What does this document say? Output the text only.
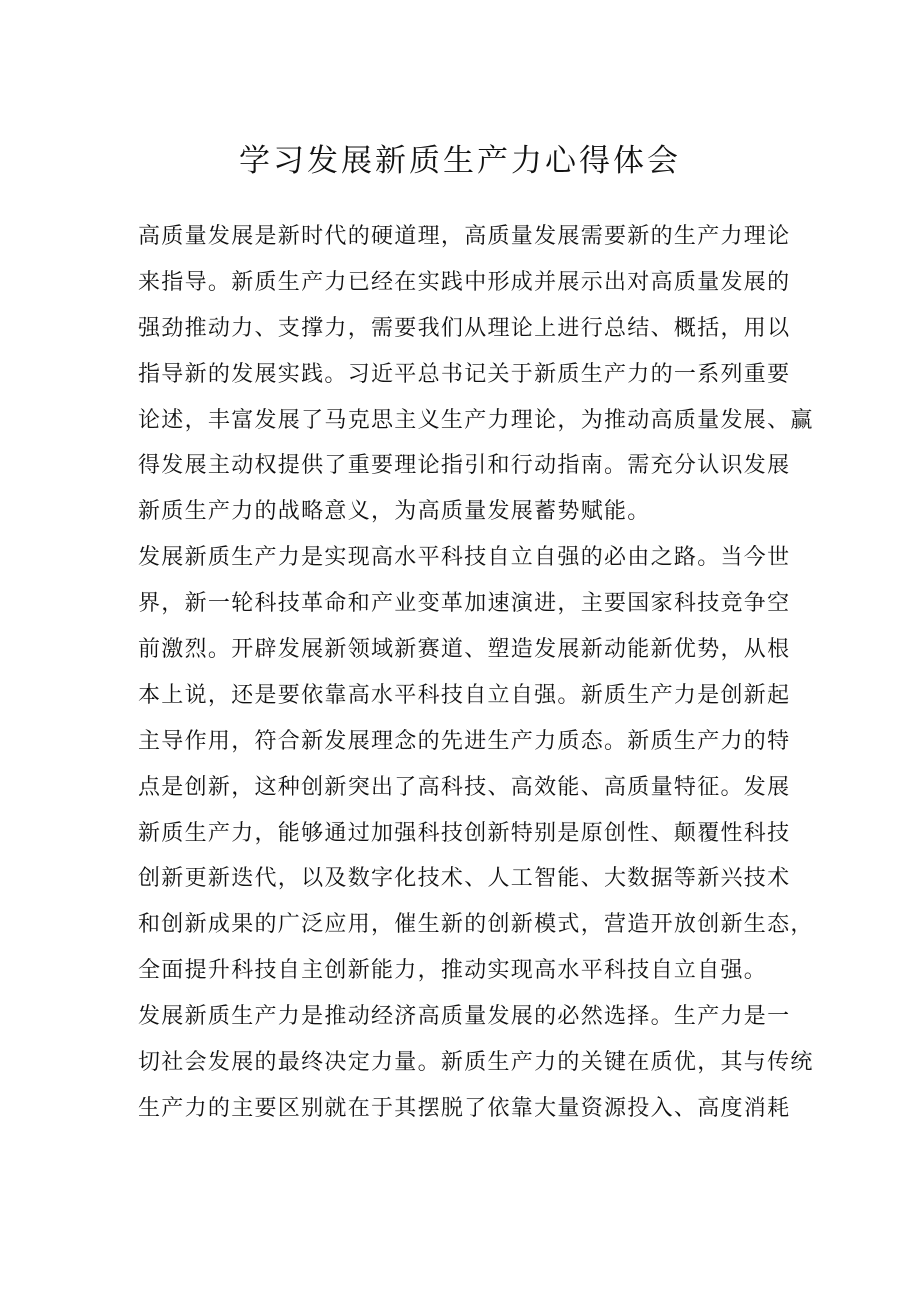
学习发展新质生产力心得体会
高质量发展是新时代的硬道理，高质量发展需要新的生产力理论
来指导。新质生产力已经在实践中形成并展示出对高质量发展的
强劲推动力、支撑力，需要我们从理论上进行总结、概括，用以
指导新的发展实践。习近平总书记关于新质生产力的一系列重要
论述，丰富发展了马克思主义生产力理论，为推动高质量发展、赢
得发展主动权提供了重要理论指引和行动指南。需充分认识发展
新质生产力的战略意义，为高质量发展蓄势赋能。
发展新质生产力是实现高水平科技自立自强的必由之路。当今世
界，新一轮科技革命和产业变革加速演进，主要国家科技竞争空
前激烈。开辟发展新领域新赛道、塑造发展新动能新优势，从根
本上说，还是要依靠高水平科技自立自强。新质生产力是创新起
主导作用，符合新发展理念的先进生产力质态。新质生产力的特
点是创新，这种创新突出了高科技、高效能、高质量特征。发展
新质生产力，能够通过加强科技创新特别是原创性、颠覆性科技
创新更新迭代，以及数字化技术、人工智能、大数据等新兴技术
和创新成果的广泛应用，催生新的创新模式，营造开放创新生态，
全面提升科技自主创新能力，推动实现高水平科技自立自强。
发展新质生产力是推动经济高质量发展的必然选择。生产力是一
切社会发展的最终决定力量。新质生产力的关键在质优，其与传统
生产力的主要区别就在于其摆脱了依靠大量资源投入、高度消耗
